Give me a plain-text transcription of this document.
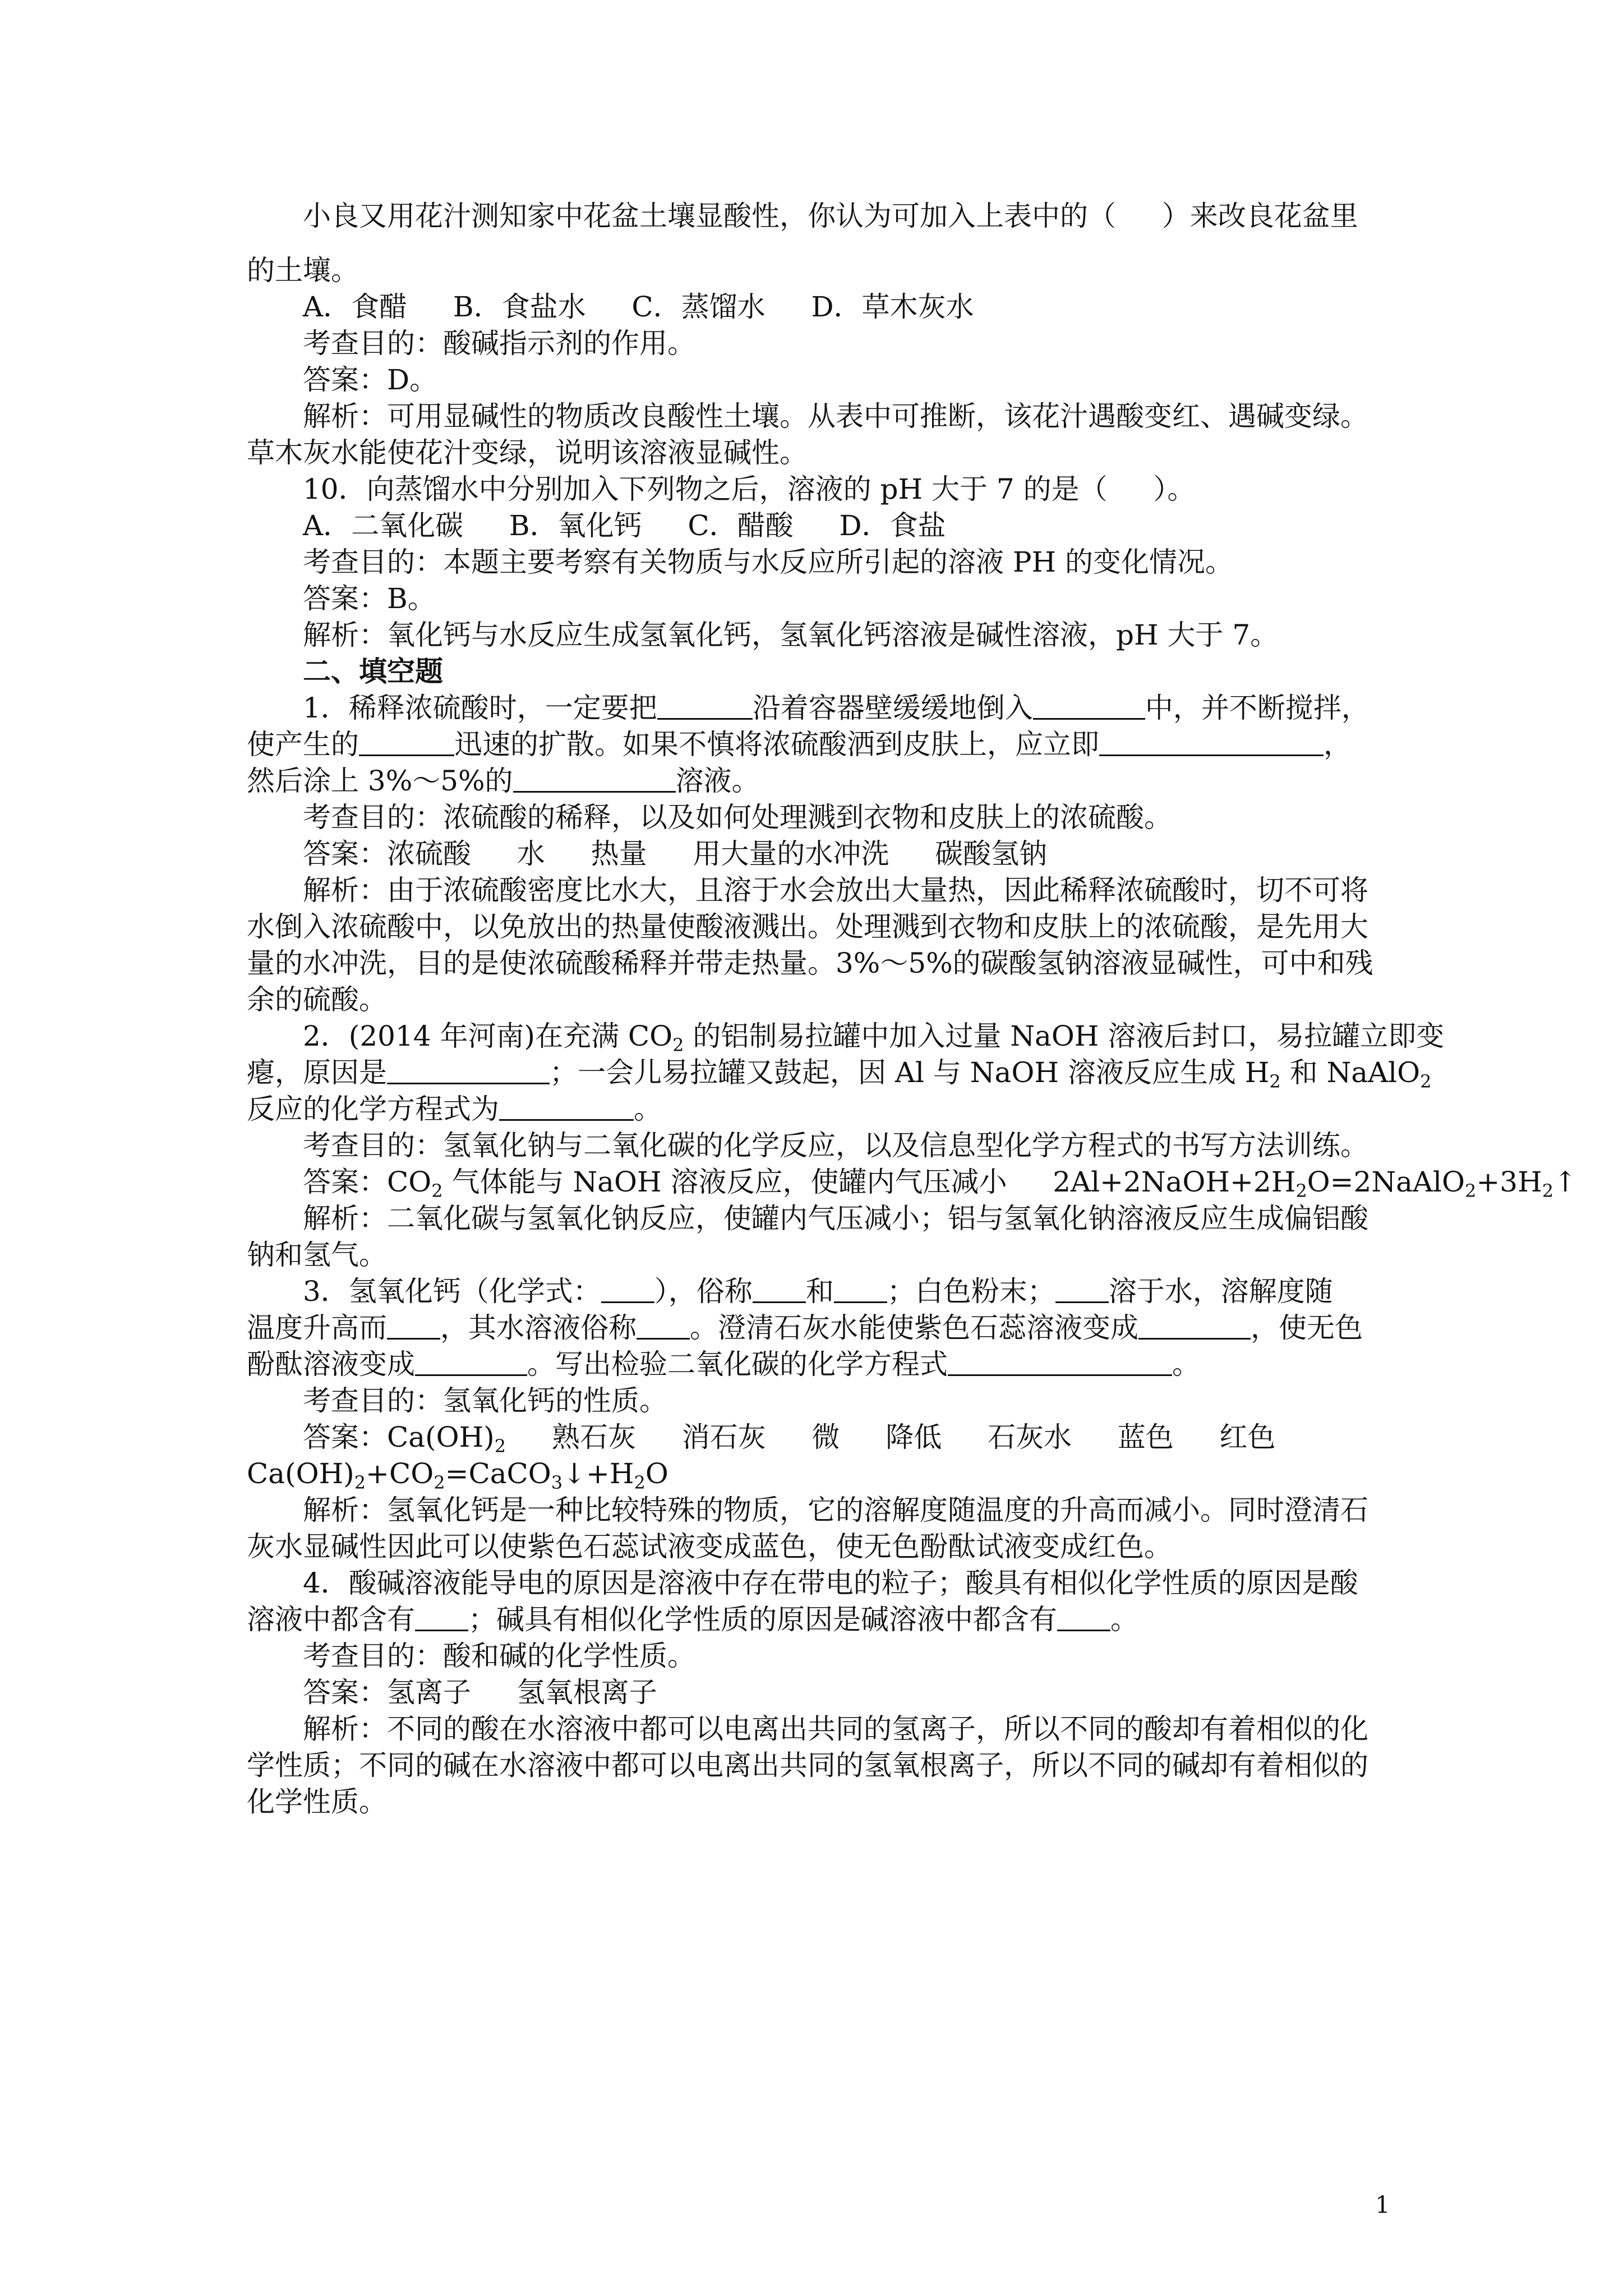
小良又用花汁测知家中花盆土壤显酸性，你认为可加入上表中的（ 　 ）来改良花盆里
的土壤。
A．食醋 　 B．食盐水 　 C．蒸馏水 　 D．草木灰水
考查目的：酸碱指示剂的作用。
答案：D。
解析：可用显碱性的物质改良酸性土壤。从表中可推断，该花汁遇酸变红、遇碱变绿。
草木灰水能使花汁变绿，说明该溶液显碱性。
10．向蒸馏水中分别加入下列物之后，溶液的 pH 大于 7 的是（ 　 ）。
A．二氧化碳 　 B．氧化钙 　 C．醋酸 　 D．食盐
考查目的：本题主要考察有关物质与水反应所引起的溶液 PH 的变化情况。
答案：B。
解析：氧化钙与水反应生成氢氧化钙，氢氧化钙溶液是碱性溶液，pH 大于 7。
二、填空题
1．稀释浓硫酸时，一定要把	沿着容器壁缓缓地倒入	中，并不断搅拌，
使产生的	迅速的扩散。如果不慎将浓硫酸洒到皮肤上，应立即	，
然后涂上 3%～5%的	溶液。
考查目的：浓硫酸的稀释，以及如何处理溅到衣物和皮肤上的浓硫酸。
答案：浓硫酸 　 水 　 热量 　 用大量的水冲洗 　 碳酸氢钠
解析：由于浓硫酸密度比水大，且溶于水会放出大量热，因此稀释浓硫酸时，切不可将
水倒入浓硫酸中，以免放出的热量使酸液溅出。处理溅到衣物和皮肤上的浓硫酸，是先用大
量的水冲洗，目的是使浓硫酸稀释并带走热量。3%～5%的碳酸氢钠溶液显碱性，可中和残
余的硫酸。
2．(2014 年河南)在充满 $CO_2$ 的铝制易拉罐中加入过量 NaOH 溶液后封口，易拉罐立即变
瘪，原因是	；一会儿易拉罐又鼓起，因 Al 与 NaOH 溶液反应生成 $H_2$ 和 NaAlO$_2$
反应的化学方程式为	。
考查目的：氢氧化钠与二氧化碳的化学反应，以及信息型化学方程式的书写方法训练。
答案：$CO_2$ 气体能与 NaOH 溶液反应，使罐内气压减小 　 $2Al+2NaOH+2H_2O=2NaAlO_2+3H_2↑$
解析：二氧化碳与氢氧化钠反应，使罐内气压减小；铝与氢氧化钠溶液反应生成偏铝酸
钠和氢气。
3．氢氧化钙（化学式： ），俗称 和 ；白色粉末； 溶于水，溶解度随
温度升高而 ，其水溶液俗称 。澄清石灰水能使紫色石蕊溶液变成	，使无色
酚酞溶液变成	。写出检验二氧化碳的化学方程式	。
考查目的：氢氧化钙的性质。
答案：$Ca(OH)_2$ 　 熟石灰 　 消石灰 　 微 　 降低 　 石灰水 　 蓝色 　 红色
$Ca(OH)_2+CO_2=CaCO_3↓+H_2O$
解析：氢氧化钙是一种比较特殊的物质，它的溶解度随温度的升高而减小。同时澄清石
灰水显碱性因此可以使紫色石蕊试液变成蓝色，使无色酚酞试液变成红色。
4．酸碱溶液能导电的原因是溶液中存在带电的粒子；酸具有相似化学性质的原因是酸
溶液中都含有 ；碱具有相似化学性质的原因是碱溶液中都含有 。
考查目的：酸和碱的化学性质。
答案：氢离子 　 氢氧根离子
解析：不同的酸在水溶液中都可以电离出共同的氢离子，所以不同的酸却有着相似的化
学性质；不同的碱在水溶液中都可以电离出共同的氢氧根离子，所以不同的碱却有着相似的
化学性质。
1
